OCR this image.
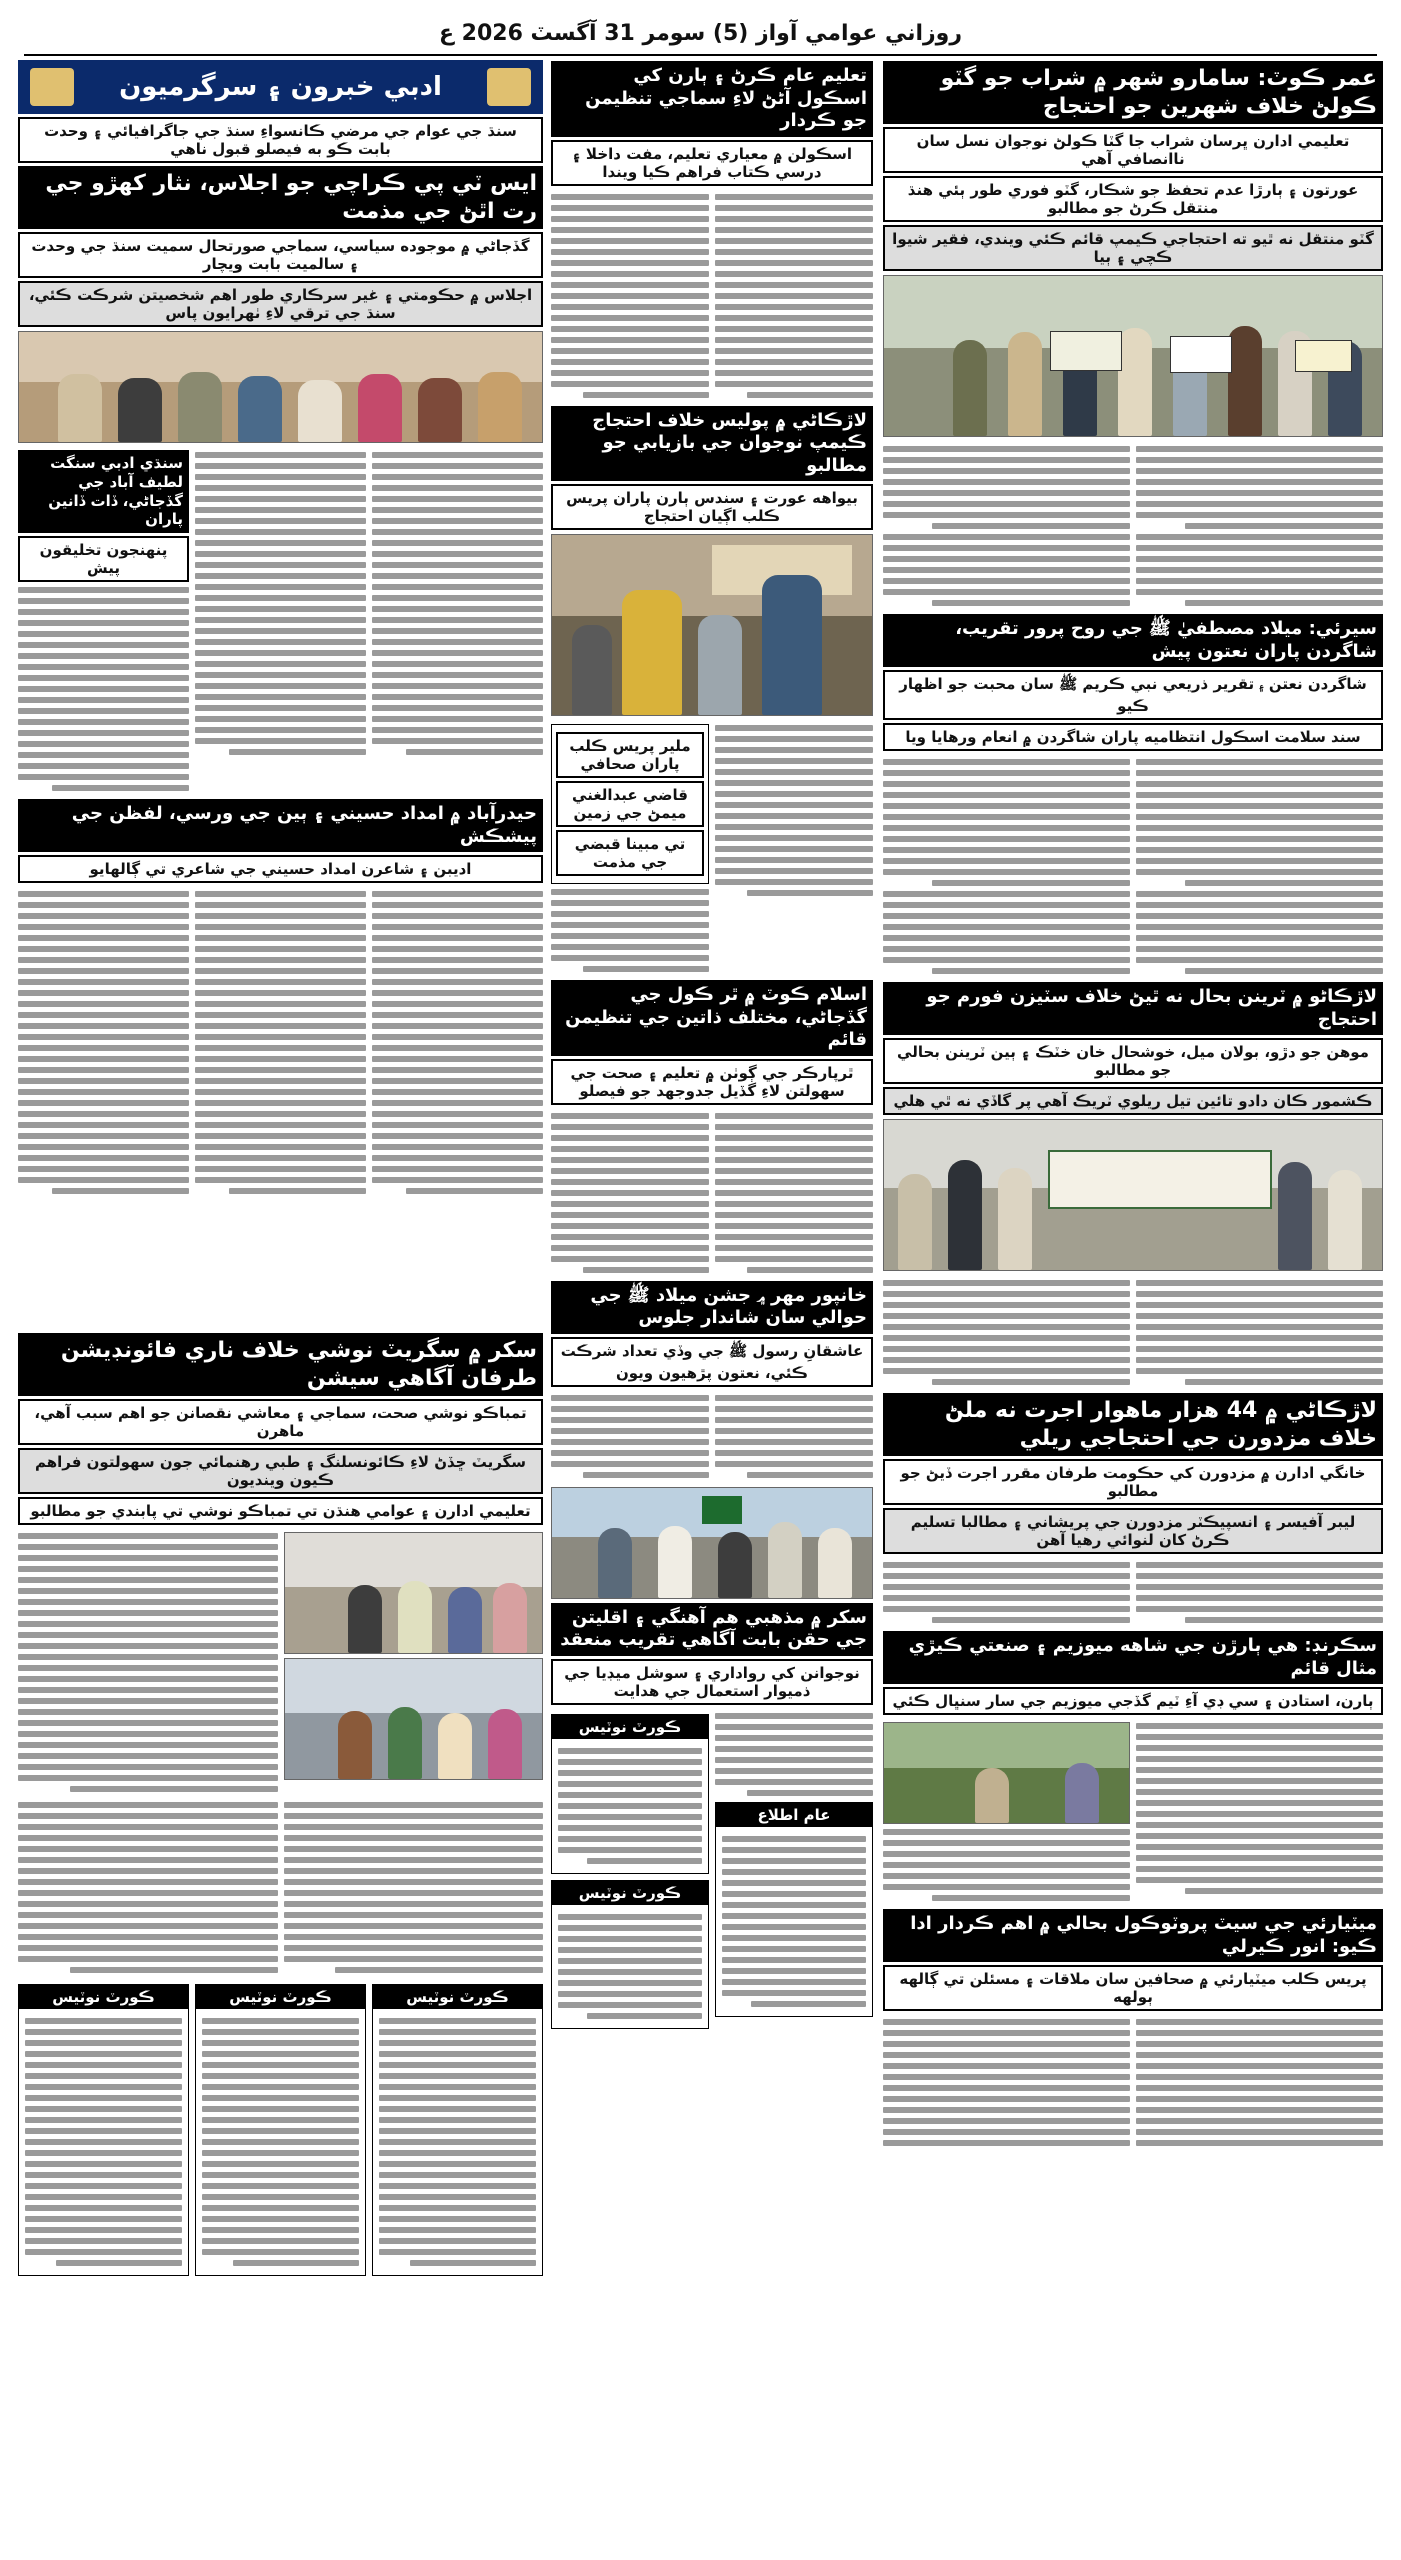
روزاني عوامي آواز (5) سومر 31 آگسٽ 2026 ع
عمر ڪوٽ: سامارو شهر ۾ شراب جو گٽو ڪولڻ خلاف شهرين جو احتجاج
تعليمي ادارن ڀرسان شراب جا گٽا ڪولڻ نوجوان نسل سان ناانصافي آهي
عورتون ۽ ٻارڙا عدم تحفظ جو شڪار، گٽو فوري طور ٻئي هنڌ منتقل ڪرڻ جو مطالبو
گٽو منتقل نه ٿيو ته احتجاجي ڪيمپ قائم ڪئي ويندي، فقير شيوا ڪچي ۽ ٻيا
سيرئي: ميلاد مصطفيٰ ﷺ جي روح پرور تقريب، شاگردن پاران نعتون پيش
شاگردن نعتن ۽ تقرير ذريعي نبي ڪريم ﷺ سان محبت جو اظهار ڪيو
سند سلامت اسڪول انتظاميه پاران شاگردن ۾ انعام ورهايا ويا
لاڙڪاڻو ۾ ٽرينن بحال نه ٿيڻ خلاف سٽيزن فورم جو احتجاج
موهن جو دڙو، بولان ميل، خوشحال خان خٽڪ ۽ ٻين ٽرينن بحالي جو مطالبو
ڪشمور ڪان دادو تائين تيل ريلوي ٽريڪ آهي پر گاڏي نه ٿي هلي
لاڙڪاڻي ۾ 44 هزار ماهوار اجرت نه ملڻ خلاف مزدورن جي احتجاجي ريلي
خانگي ادارن ۾ مزدورن کي حڪومت طرفان مقرر اجرت ڏيڻ جو مطالبو
ليبر آفيسر ۽ انسپيڪٽر مزدورن جي پريشاني ۽ مطالبا تسليم ڪرڻ کان لنوائي رهيا آهن
سڪرنڊ: هي ٻارڙن جي شاهه ميوزيم ۽ صنعتي ڪيڙي مثال قائم
ٻارن، استادن ۽ سي ڊي آءِ ٽيم گڏجي ميوزيم جي سار سنڀال ڪئي
ميٽيارئي جي سيٽ پروٽوڪول بحالي ۾ اهم ڪردار ادا ڪيو: انور ڪيرلي
پريس ڪلب ميٽيارئي ۾ صحافين سان ملاقات ۽ مسئلن تي ڳالهه ٻولهه
تعليم عام ڪرڻ ۽ ٻارن کي اسڪول آڻڻ لاءِ سماجي تنظيمن جو ڪردار
اسڪولن ۾ معياري تعليم، مفت داخلا ۽ درسي ڪتاب فراهم ڪيا ويندا
لاڙڪاڻي ۾ پوليس خلاف احتجاج ڪيمپ نوجوان جي بازيابي جو مطالبو
بيواهه عورت ۽ سندس ٻارن پاران پريس ڪلب اڳيان احتجاج
ملير پريس ڪلب پاران صحافي
قاضي عبدالغني ميمڻ جي زمين
تي مبينا قبضي جي مذمت
اسلام ڪوٽ ۾ ٿر ڪول جي گڏجاڻي، مختلف ذاتين جي تنظيمن قائم
ٿرپارڪر جي ڳوٺن ۾ تعليم ۽ صحت جي سهولتن لاءِ گڏيل جدوجهد جو فيصلو
خانپور مهر ۾ جشن ميلاد ﷺ جي حوالي سان شاندار جلوس
عاشقانِ رسول ﷺ جي وڏي تعداد شرڪت ڪئي، نعتون پڙهيون ويون
سکر ۾ مذهبي هم آهنگي ۽ اقليتن جي حقن بابت آگاهي تقريب منعقد
نوجوانن کي رواداري ۽ سوشل ميڊيا جي ذميوار استعمال جي هدايت
عام اطلاع
ڪورٽ نوٽيس
ڪورٽ نوٽيس
ادبي خبرون ۽ سرگرميون
سنڌ جي عوام جي مرضي ڪانسواءِ سنڌ جي جاگرافيائي ۽ وحدت بابت ڪو به فيصلو قبول ناهي
ايس ٽي پي ڪراچي جو اجلاس، نثار کهڙو جي رت اٿڻ جي مذمت
گڏجاڻي ۾ موجوده سياسي، سماجي صورتحال سميت سنڌ جي وحدت ۽ سالميت بابت ويچار
اجلاس ۾ حڪومتي ۽ غير سرڪاري طور اهم شخصيتن شرڪت ڪئي، سنڌ جي ترقي لاءِ ٺهرايون پاس
سنڌي ادبي سنگت لطيف آباد جي گڏجاڻي، ڏات ڏانين پاران
پنهنجون تخليقون پيش
حيدرآباد ۾ امداد حسيني ۽ ٻين جي ورسي، لفظن جي پيشڪش
اديبن ۽ شاعرن امداد حسيني جي شاعري تي ڳالهايو
سکر ۾ سگريٽ نوشي خلاف ناري فائونڊيشن طرفان آگاهي سيشن
تمباڪو نوشي صحت، سماجي ۽ معاشي نقصانن جو اهم سبب آهي، ماهرن
سگريٽ ڇڏڻ لاءِ ڪائونسلنگ ۽ طبي رهنمائي جون سهولتون فراهم ڪيون وينديون
تعليمي ادارن ۽ عوامي هنڌن تي تمباڪو نوشي تي پابندي جو مطالبو
ڪورٽ نوٽيس
ڪورٽ نوٽيس
ڪورٽ نوٽيس
